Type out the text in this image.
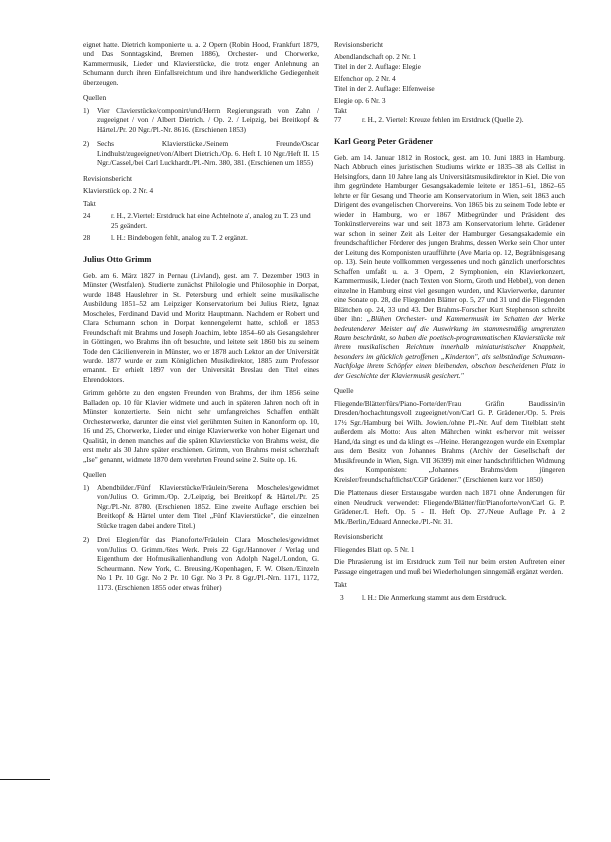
eignet hatte. Dietrich komponierte u. a. 2 Opern (Robin Hood, Frankfurt 1879, und Das Sonntagskind, Bremen 1886), Orchester- und Chorwerke, Kammermusik, Lieder und Klavierstücke, die trotz enger Anlehnung an Schumann durch ihren Einfallsreichtum und ihre handwerkliche Gediegenheit überzeugen.

Quellen
1) Vier Clavierstücke/componirt/und/Herrn Regierungsrath von Zahn / zugeeignet / von / Albert Dietrich. / Op. 2. / Leipzig, bei Breitkopf & Härtel./Pr. 20 Ngr./Pl.-Nr. 8616. (Erschienen 1853)
2) Sechs Klavierstücke./Seinem Freunde/Oscar Lindhulst/zugeeignet/von/Albert Dietrich./Op. 6. Heft I. 10 Ngr./Heft II. 15 Ngr./Cassel,/bei Carl Luckhardt./Pl.-Nrn. 380, 381. (Erschienen um 1855)
Revisionsbericht
Klavierstück op. 2 Nr. 4
Takt
24	r. H., 2.Viertel: Erstdruck hat eine Achtelnote a', analog zu T. 23 und 25 geändert.
28	l. H.: Bindebogen fehlt, analog zu T. 2 ergänzt.
Julius Otto Grimm

Geb. am 6. März 1827 in Pernau (Livland), gest. am 7. Dezember 1903 in Münster (Westfalen). Studierte zunächst Philologie und Philosophie in Dorpat, wurde 1848 Hauslehrer in St. Petersburg und erhielt seine musikalische Ausbildung 1851–52 am Leipziger Konservatorium bei Julius Rietz, Ignaz Moscheles, Ferdinand David und Moritz Hauptmann. Nachdem er Robert und Clara Schumann schon in Dorpat kennengelernt hatte, schloß er 1853 Freundschaft mit Brahms und Joseph Joachim, lebte 1854–60 als Gesangslehrer in Göttingen, wo Brahms ihn oft besuchte, und leitete seit 1860 bis zu seinem Tode den Cäcilienverein in Münster, wo er 1878 auch Lektor an der Universität wurde. 1877 wurde er zum Königlichen Musikdirektor, 1885 zum Professor ernannt. Er erhielt 1897 von der Universität Breslau den Titel eines Ehrendoktors.

Grimm gehörte zu den engsten Freunden von Brahms, der ihm 1856 seine Balladen op. 10 für Klavier widmete und auch in späteren Jahren noch oft in Münster konzertierte. Sein nicht sehr umfangreiches Schaffen enthält Orchesterwerke, darunter die einst viel gerühmten Suiten in Kanonform op. 10, 16 und 25, Chorwerke, Lieder und einige Klavierwerke von hoher Eigenart und Qualität, in denen manches auf die späten Klavierstücke von Brahms weist, die erst mehr als 30 Jahre später erschienen. Grimm, von Brahms meist scherzhaft „Ise" genannt, widmete 1870 dem verehrten Freund seine 2. Suite op. 16.

Quellen
1) Abendbilder./Fünf Klavierstücke/Fräulein/Serena Moscheles/gewidmet von/Julius O. Grimm./Op. 2./Leipzig, bei Breitkopf & Härtel./Pr. 25 Ngr./Pl.-Nr. 8780. (Erschienen 1852. Eine zweite Auflage erschien bei Breitkopf & Härtel unter dem Titel „Fünf Klavierstücke", die einzelnen Stücke tragen dabei andere Titel.)
2) Drei Elegien/für das Pianoforte/Fräulein Clara Moscheles/gewidmet von/Julius O. Grimm./6tes Werk. Preis 22 Ggr./Hannover / Verlag und Eigenthum der Hofmusikalienhandlung von Adolph Nagel./London, G. Scheurmann. New York, C. Breusing./Kopenhagen, F. W. Olsen./Einzeln No 1 Pr. 10 Ggr. No 2 Pr. 10 Ggr. No 3 Pr. 8 Ggr./Pl.-Nrn. 1171, 1172, 1173. (Erschienen 1855 oder etwas früher)
Revisionsbericht
Abendlandschaft op. 2 Nr. 1
Titel in der 2. Auflage: Elegie
Elfenchor op. 2 Nr. 4
Titel in der 2. Auflage: Elfenweise
Elegie op. 6 Nr. 3
Takt
77	r. H., 2. Viertel: Kreuze fehlen im Erstdruck (Quelle 2).
Karl Georg Peter Grädener

Geb. am 14. Januar 1812 in Rostock, gest. am 10. Juni 1883 in Hamburg. Nach Abbruch eines juristischen Studiums wirkte er 1835–38 als Cellist in Helsingfors, dann 10 Jahre lang als Universitätsmusikdirektor in Kiel. Die von ihm gegründete Hamburger Gesangsakademie leitete er 1851–61, 1862–65 lehrte er für Gesang und Theorie am Konservatorium in Wien, seit 1863 auch Dirigent des evangelischen Chorvereins. Von 1865 bis zu seinem Tode lebte er wieder in Hamburg, wo er 1867 Mitbegründer und Präsident des Tonkünstlervereins war und seit 1873 am Konservatorium lehrte. Grädener war schon in seiner Zeit als Leiter der Hamburger Gesangsakademie ein freundschaftlicher Förderer des jungen Brahms, dessen Werke sein Chor unter der Leitung des Komponisten uraufführte (Ave Maria op. 12, Begräbnisgesang op. 13). Sein heute vollkommen vergessenes und noch gänzlich unerforschtes Schaffen umfaßt u. a. 3 Opern, 2 Symphonien, ein Klavierkonzert, Kammermusik, Lieder (nach Texten von Storm, Groth und Hebbel), von denen einzelne in Hamburg einst viel gesungen wurden, und Klavierwerke, darunter eine Sonate op. 28, die Fliegenden Blätter op. 5, 27 und 31 und die Fliegenden Blättchen op. 24, 33 und 43. Der Brahms-Forscher Kurt Stephenson schreibt über ihn: „Blühen Orchester- und Kammermusik im Schatten der Werke bedeutenderer Meister auf die Auswirkung im stammesmäßig umgrenzten Raum beschränkt, so haben die poetisch-programmatischen Klavierstücke mit ihrem musikalischen Reichtum innerhalb miniaturistischer Knappheit, besonders im glücklich getroffenen „Kinderton", als selbständige Schumann-Nachfolge ihrem Schöpfer einen bleibenden, obschon bescheidenen Platz in der Geschichte der Klaviermusik gesichert."

Quelle

Fliegende/Blätter/fürs/Piano-Forte/der/Frau Gräfin Baudissin/in Dresden/hochachtungsvoll zugeeignet/von/Carl G. P. Grädener./Op. 5. Preis 17½ Sgr./Hamburg bei Wilh. Jowien./ohne Pl.-Nr. Auf dem Titelblatt steht außerdem als Motto: Aus alten Mährchen winkt es/hervor mit weisser Hand,/da singt es und da klingt es –/Heine. Herangezogen wurde ein Exemplar aus dem Besitz von Johannes Brahms (Archiv der Gesellschaft der Musikfreunde in Wien, Sign. VII 36399) mit einer handschriftlichen Widmung des Komponisten: „Johannes Brahms/dem jüngeren Kreisler/freundschaftlichst/CGP Grädener." (Erschienen kurz vor 1850)

Die Plattenaus dieser Erstausgabe wurden nach 1871 ohne Änderungen für einen Neudruck verwendet: Fliegende/Blätter/für/Pianoforte/von/Carl G. P. Grädener./I. Heft. Op. 5 - II. Heft Op. 27./Neue Auflage Pr. à 2 Mk./Berlin,/Eduard Annecke./Pl.-Nr. 31.

Revisionsbericht
Fliegendes Blatt op. 5 Nr. 1

Die Phrasierung ist im Erstdruck zum Teil nur beim ersten Auftreten einer Passage eingetragen und muß bei Wiederholungen sinngemäß ergänzt werden.

Takt
3	l. H.: Die Anmerkung stammt aus dem Erstdruck.
